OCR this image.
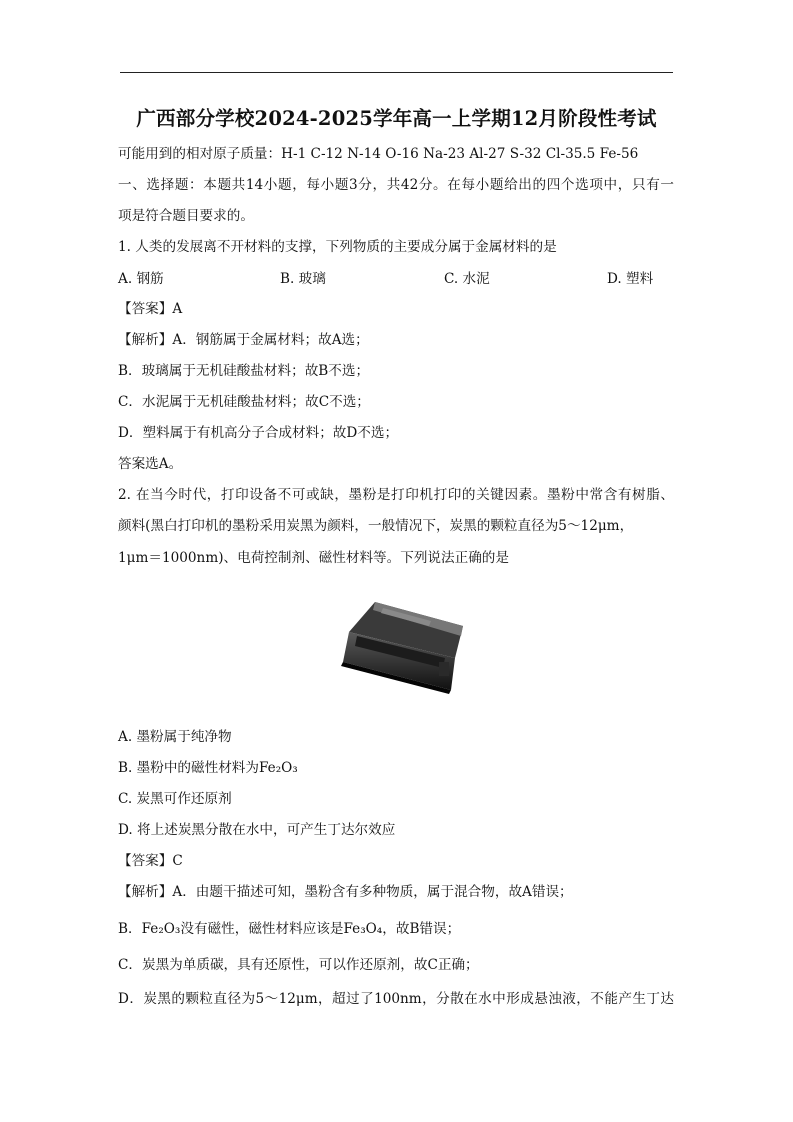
广西部分学校2024-2025学年高一上学期12月阶段性考试
可能用到的相对原子质量：H-1 C-12 N-14 O-16 Na-23 Al-27 S-32 Cl-35.5 Fe-56
一、选择题：本题共14小题，每小题3分，共42分。在每小题给出的四个选项中，只有一
项是符合题目要求的。
1. 人类的发展离不开材料的支撑，下列物质的主要成分属于金属材料的是
A. 钢筋	B. 玻璃	C. 水泥	D. 塑料
【答案】A
【解析】A．钢筋属于金属材料；故A选；
B．玻璃属于无机硅酸盐材料；故B不选；
C．水泥属于无机硅酸盐材料；故C不选；
D．塑料属于有机高分子合成材料；故D不选；
答案选A。
2. 在当今时代，打印设备不可或缺，墨粉是打印机打印的关键因素。墨粉中常含有树脂、
颜料(黑白打印机的墨粉采用炭黑为颜料，一般情况下，炭黑的颗粒直径为5～12μm，
1μm＝1000nm)、电荷控制剂、磁性材料等。下列说法正确的是
A. 墨粉属于纯净物
B. 墨粉中的磁性材料为Fe₂O₃
C. 炭黑可作还原剂
D. 将上述炭黑分散在水中，可产生丁达尔效应
【答案】C
【解析】A．由题干描述可知，墨粉含有多种物质，属于混合物，故A错误；
B．Fe₂O₃没有磁性，磁性材料应该是Fe₃O₄，故B错误；
C．炭黑为单质碳，具有还原性，可以作还原剂，故C正确；
D．炭黑的颗粒直径为5～12μm，超过了100nm，分散在水中形成悬浊液，不能产生丁达
